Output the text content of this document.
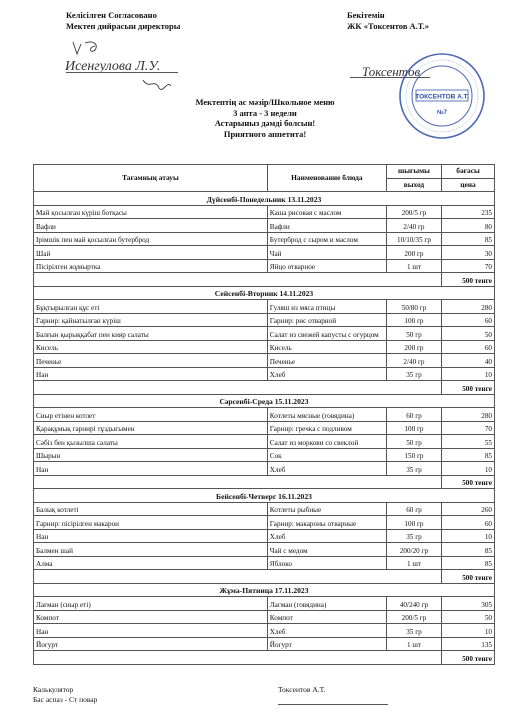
Келісілген Согласовано
Мектеп дийрасын директоры
Исенгулова Л.У.
Бекітемін
ЖК «Токсентов А.Т.»
Токсентов
ТОКСЕНТОВ А.Т.
№7
Мектептің ас мәзір/Школьное меню
3 апта - 3 недели
Астарыныз дәмді болсын!
Приятного аппетита!
Тағамның атауы	Наименование блюда	шығымы	бағасы
		выход	цена
Дүйсенбі-Понедельник 13.11.2023			
Май қосылған күріш ботқасы	Каша рисовая с маслом	200/5 гр	235
Вафли	Вафли	2/40 гр	80
Ірімшік пен май қосылған бутерброд	Бутерброд с сыром и маслом	10/10/35 гр	85
Шай	Чай	200 гр	30
Пісірілген жұмыртка	Яйцо отварное	1 шт	70
			500 тенге
Сейсенбі-Вторник 14.11.2023			
Бұқтырылған құс еті	Гуляш из мяса птицы	50/80 гр	280
Гарнир: қайнатылған күріш	Гарнир: рис отварной	100 гр	60
Балғын қырыққабат пен кияр салаты	Салат из свежей капусты с огурцом	50 гр	50
Кисель	Кисель	200 гр	60
Печенье	Печенье	2/40 гр	40
Нан	Хлеб	35 гр	10
			500 тенге
Сәрсенбі-Среда 15.11.2023			
Сиыр етінен котлет	Котлеты мясные (говядина)	60 гр	280
Қарақұмық гарнирі тұздығымен	Гарнир: гречка с подливом	100 гр	70
Сәбіз бен қызылша салаты	Салат из моркови со свеклой	50 гр	55
Шырын	Сок	150 гр	85
Нан	Хлеб	35 гр	10
			500 тенге
Бейсенбі-Четверг 16.11.2023			
Балық котлеті	Котлеты рыбные	60 гр	260
Гарнир: пісірілген макарон	Гарнир: макароны отварные	100 гр	60
Нан	Хлеб	35 гр	10
Балмен шай	Чай с медом	200/20 гр	85
Алма	Яблоко	1 шт	85
			500 тенге
Жұма-Пятница 17.11.2023			
Лағман (сиыр еті)	Лагман (говядина)	40/240 гр	305
Компот	Компот	200/5 гр	50
Нан	Хлеб	35 гр	10
Йогурт	Йогурт	1 шт	135
			500 тенге
Калькулятор
Бас аспаз - Ст повар
Токсентов А.Т.
